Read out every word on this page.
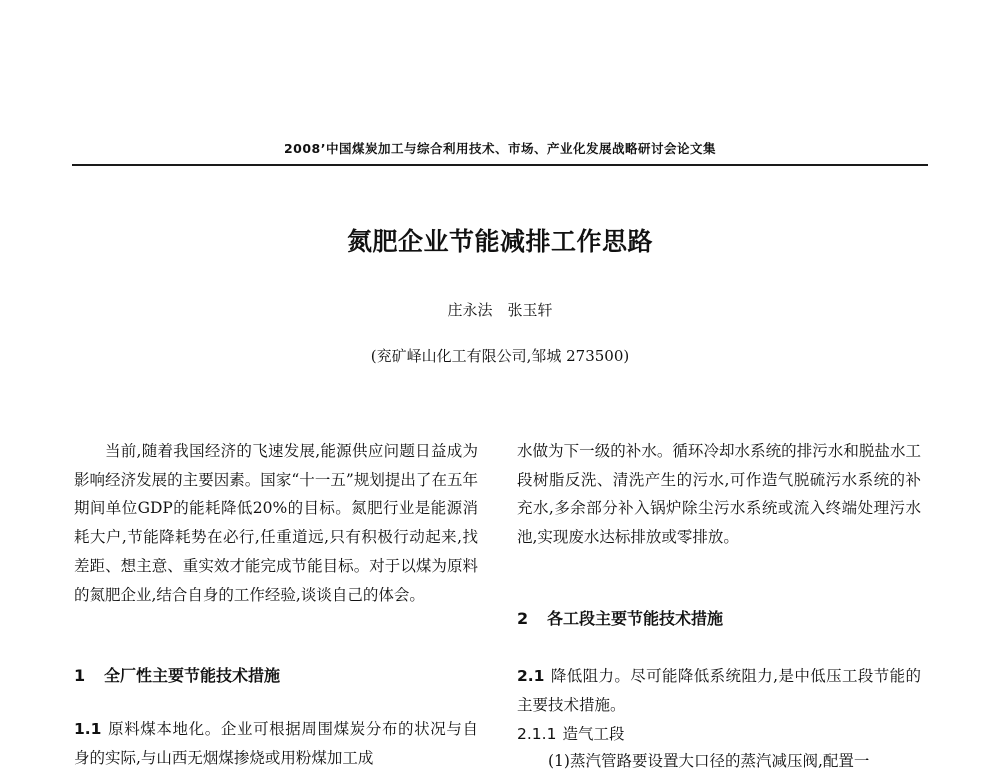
2008’中国煤炭加工与综合利用技术、市场、产业化发展战略研讨会论文集
氮肥企业节能减排工作思路
庄永法　张玉轩
(兖矿峄山化工有限公司,邹城 273500)

当前,随着我国经济的飞速发展,能源供应问题日益成为影响经济发展的主要因素。国家“十一五”规划提出了在五年期间单位GDP的能耗降低20%的目标。氮肥行业是能源消耗大户,节能降耗势在必行,任重道远,只有积极行动起来,找差距、想主意、重实效才能完成节能目标。对于以煤为原料的氮肥企业,结合自身的工作经验,谈谈自己的体会。

1 全厂性主要节能技术措施

1.1 原料煤本地化。企业可根据周围煤炭分布的状况与自身的实际,与山西无烟煤掺烧或用粉煤加工成

水做为下一级的补水。循环冷却水系统的排污水和脱盐水工段树脂反洗、清洗产生的污水,可作造气脱硫污水系统的补充水,多余部分补入锅炉除尘污水系统或流入终端处理污水池,实现废水达标排放或零排放。

2 各工段主要节能技术措施

2.1 降低阻力。尽可能降低系统阻力,是中低压工段节能的主要技术措施。

2.1.1 造气工段

(1)蒸汽管路要设置大口径的蒸汽减压阀,配置一
